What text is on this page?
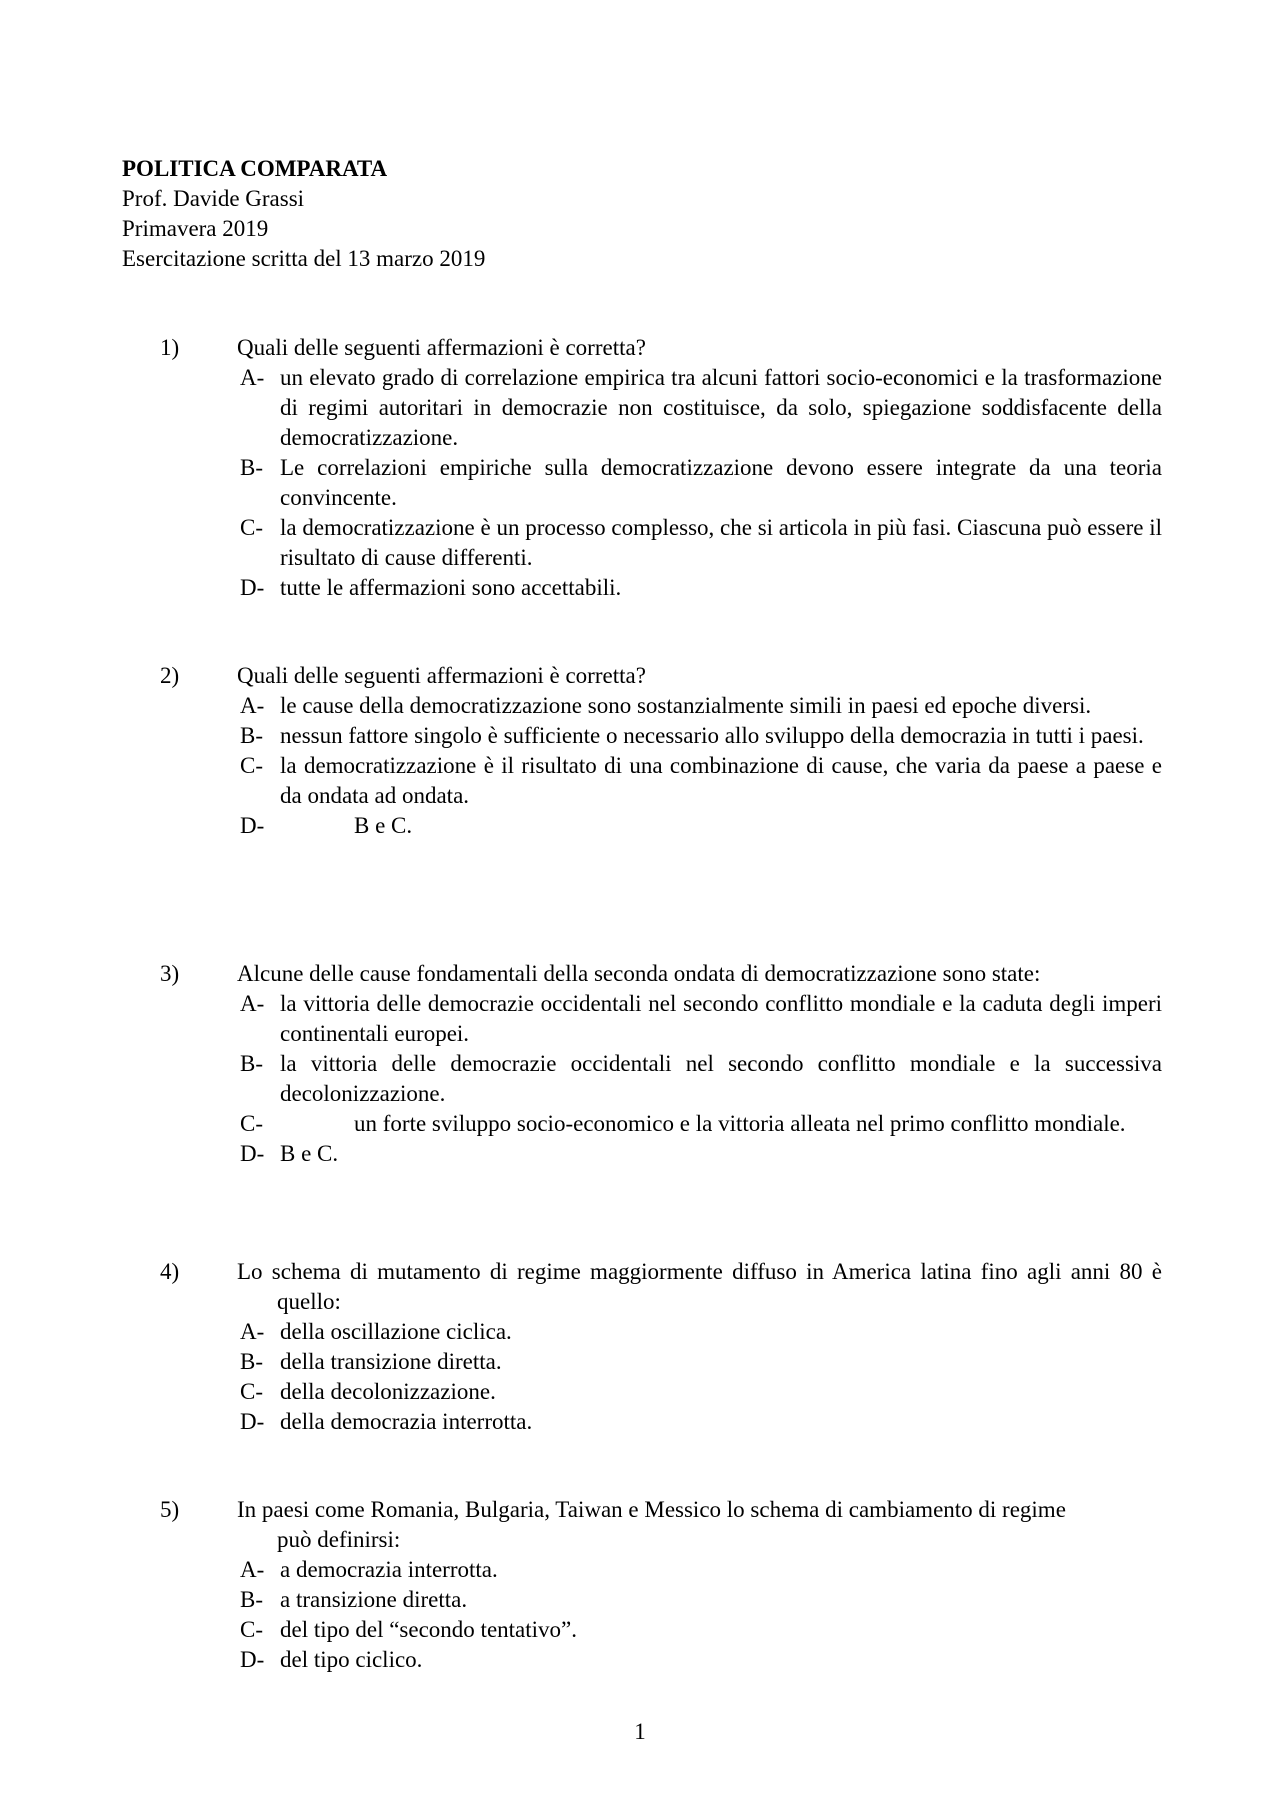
POLITICA COMPARATA
Prof. Davide Grassi
Primavera 2019
Esercitazione scritta del 13 marzo 2019
1)	Quali delle seguenti affermazioni è corretta?
A- un elevato grado di correlazione empirica tra alcuni fattori socio-economici e la trasformazione di regimi autoritari in democrazie non costituisce, da solo, spiegazione soddisfacente della democratizzazione.
B- Le correlazioni empiriche sulla democratizzazione devono essere integrate da una teoria convincente.
C- la democratizzazione è un processo complesso, che si articola in più fasi. Ciascuna può essere il risultato di cause differenti.
D- tutte le affermazioni sono accettabili.
2)	Quali delle seguenti affermazioni è corretta?
A- le cause della democratizzazione sono sostanzialmente simili in paesi ed epoche diversi.
B- nessun fattore singolo è sufficiente o necessario allo sviluppo della democrazia in tutti i paesi.
C- la democratizzazione è il risultato di una combinazione di cause, che varia da paese a paese e da ondata ad ondata.
D-	B e C.
3)	Alcune delle cause fondamentali della seconda ondata di democratizzazione sono state:
A- la vittoria delle democrazie occidentali nel secondo conflitto mondiale e la caduta degli imperi continentali europei.
B- la vittoria delle democrazie occidentali nel secondo conflitto mondiale e la successiva decolonizzazione.
C-	un forte sviluppo socio-economico e la vittoria alleata nel primo conflitto mondiale.
D- B e C.
4)	Lo schema di mutamento di regime maggiormente diffuso in America latina fino agli anni 80 è quello:
A- della oscillazione ciclica.
B- della transizione diretta.
C- della decolonizzazione.
D- della democrazia interrotta.
5)	In paesi come Romania, Bulgaria, Taiwan e Messico lo schema di cambiamento di regime può definirsi:
A- a democrazia interrotta.
B- a transizione diretta.
C- del tipo del “secondo tentativo”.
D- del tipo ciclico.
1
